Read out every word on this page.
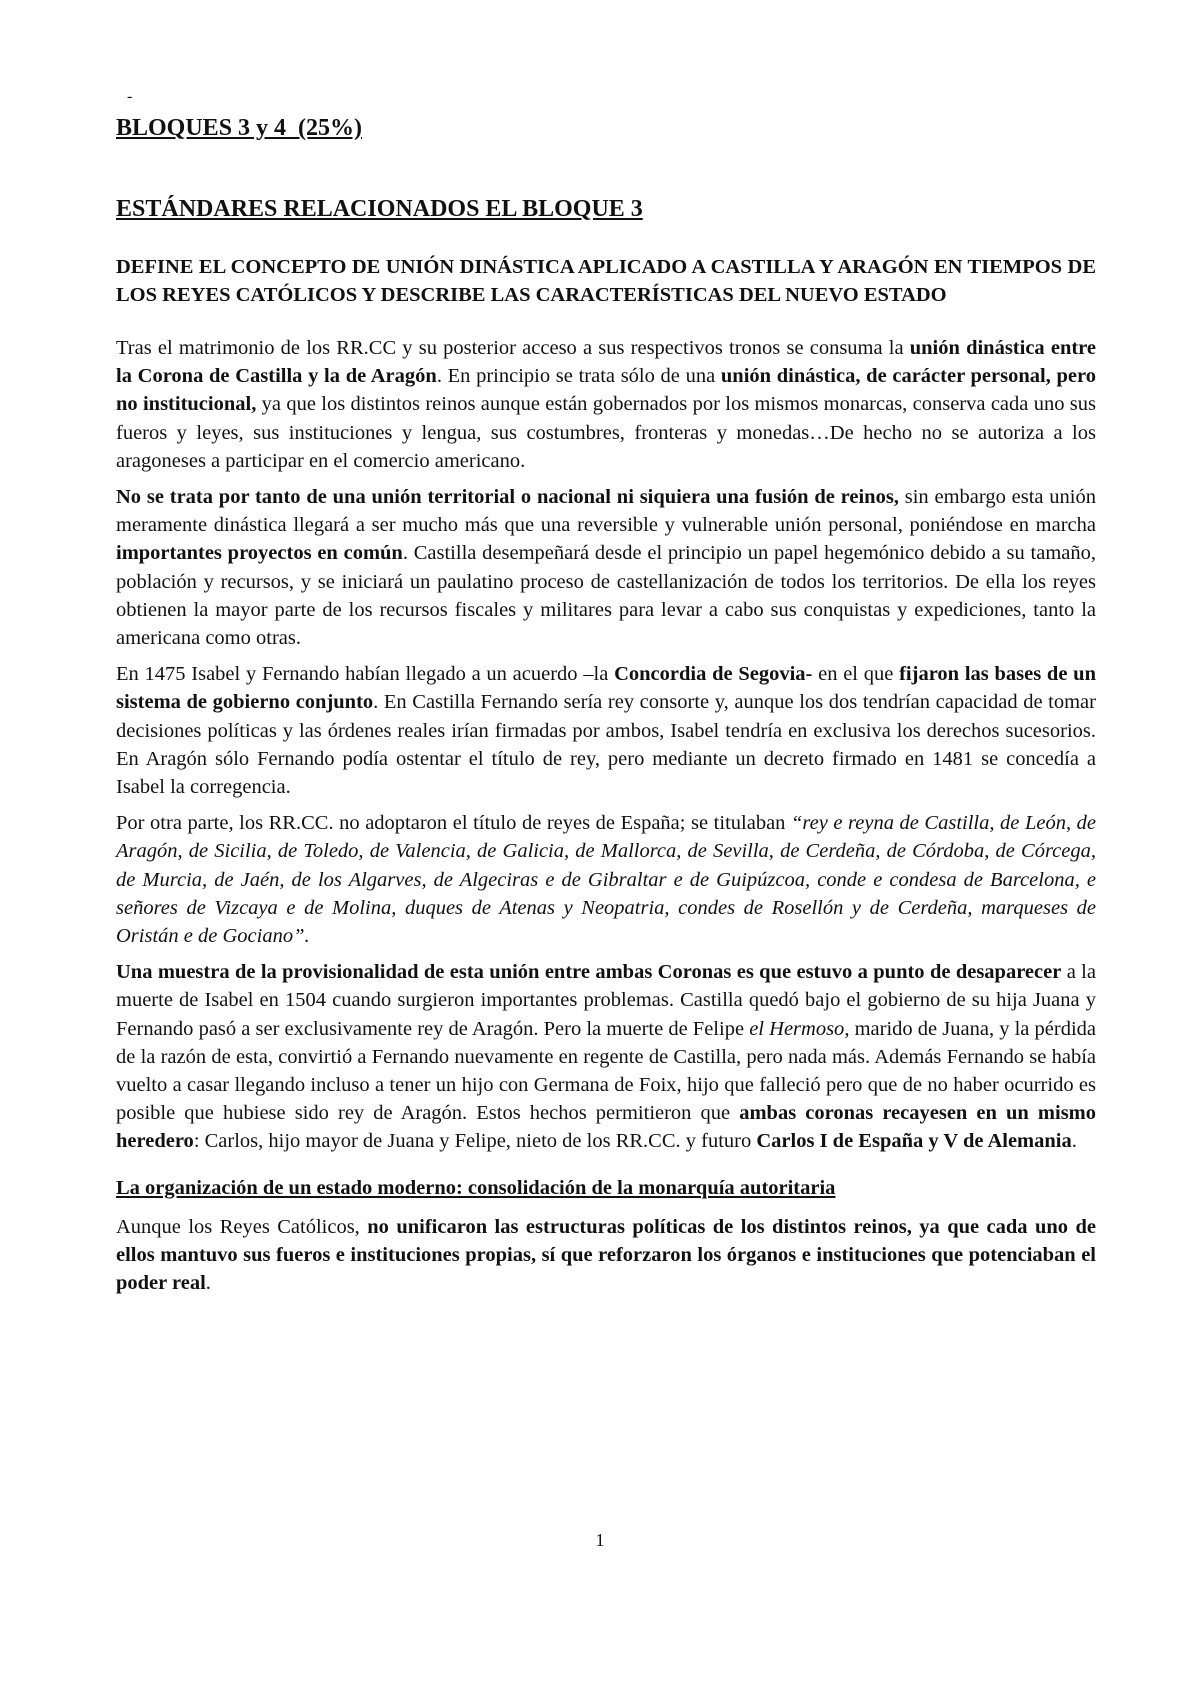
-
BLOQUES 3 y 4 (25%)
ESTÁNDARES RELACIONADOS EL BLOQUE 3
DEFINE EL CONCEPTO DE UNIÓN DINÁSTICA APLICADO A CASTILLA Y ARAGÓN EN TIEMPOS DE LOS REYES CATÓLICOS Y DESCRIBE LAS CARACTERÍSTICAS DEL NUEVO ESTADO

Tras el matrimonio de los RR.CC y su posterior acceso a sus respectivos tronos se consuma la unión dinástica entre la Corona de Castilla y la de Aragón. En principio se trata sólo de una unión dinástica, de carácter personal, pero no institucional, ya que los distintos reinos aunque están gobernados por los mismos monarcas, conserva cada uno sus fueros y leyes, sus instituciones y lengua, sus costumbres, fronteras y monedas…De hecho no se autoriza a los aragoneses a participar en el comercio americano.

No se trata por tanto de una unión territorial o nacional ni siquiera una fusión de reinos, sin embargo esta unión meramente dinástica llegará a ser mucho más que una reversible y vulnerable unión personal, poniéndose en marcha importantes proyectos en común. Castilla desempeñará desde el principio un papel hegemónico debido a su tamaño, población y recursos, y se iniciará un paulatino proceso de castellanización de todos los territorios. De ella los reyes obtienen la mayor parte de los recursos fiscales y militares para levar a cabo sus conquistas y expediciones, tanto la americana como otras.

En 1475 Isabel y Fernando habían llegado a un acuerdo –la Concordia de Segovia- en el que fijaron las bases de un sistema de gobierno conjunto. En Castilla Fernando sería rey consorte y, aunque los dos tendrían capacidad de tomar decisiones políticas y las órdenes reales irían firmadas por ambos, Isabel tendría en exclusiva los derechos sucesorios. En Aragón sólo Fernando podía ostentar el título de rey, pero mediante un decreto firmado en 1481 se concedía a Isabel la corregencia.

Por otra parte, los RR.CC. no adoptaron el título de reyes de España; se titulaban “rey e reyna de Castilla, de León, de Aragón, de Sicilia, de Toledo, de Valencia, de Galicia, de Mallorca, de Sevilla, de Cerdeña, de Córdoba, de Córcega, de Murcia, de Jaén, de los Algarves, de Algeciras e de Gibraltar e de Guipúzcoa, conde e condesa de Barcelona, e señores de Vizcaya e de Molina, duques de Atenas y Neopatria, condes de Rosellón y de Cerdeña, marqueses de Oristán e de Gociano”.

Una muestra de la provisionalidad de esta unión entre ambas Coronas es que estuvo a punto de desaparecer a la muerte de Isabel en 1504 cuando surgieron importantes problemas. Castilla quedó bajo el gobierno de su hija Juana y Fernando pasó a ser exclusivamente rey de Aragón. Pero la muerte de Felipe el Hermoso, marido de Juana, y la pérdida de la razón de esta, convirtió a Fernando nuevamente en regente de Castilla, pero nada más. Además Fernando se había vuelto a casar llegando incluso a tener un hijo con Germana de Foix, hijo que falleció pero que de no haber ocurrido es posible que hubiese sido rey de Aragón. Estos hechos permitieron que ambas coronas recayesen en un mismo heredero: Carlos, hijo mayor de Juana y Felipe, nieto de los RR.CC. y futuro Carlos I de España y V de Alemania.

La organización de un estado moderno: consolidación de la monarquía autoritaria

Aunque los Reyes Católicos, no unificaron las estructuras políticas de los distintos reinos, ya que cada uno de ellos mantuvo sus fueros e instituciones propias, sí que reforzaron los órganos e instituciones que potenciaban el poder real.

1
